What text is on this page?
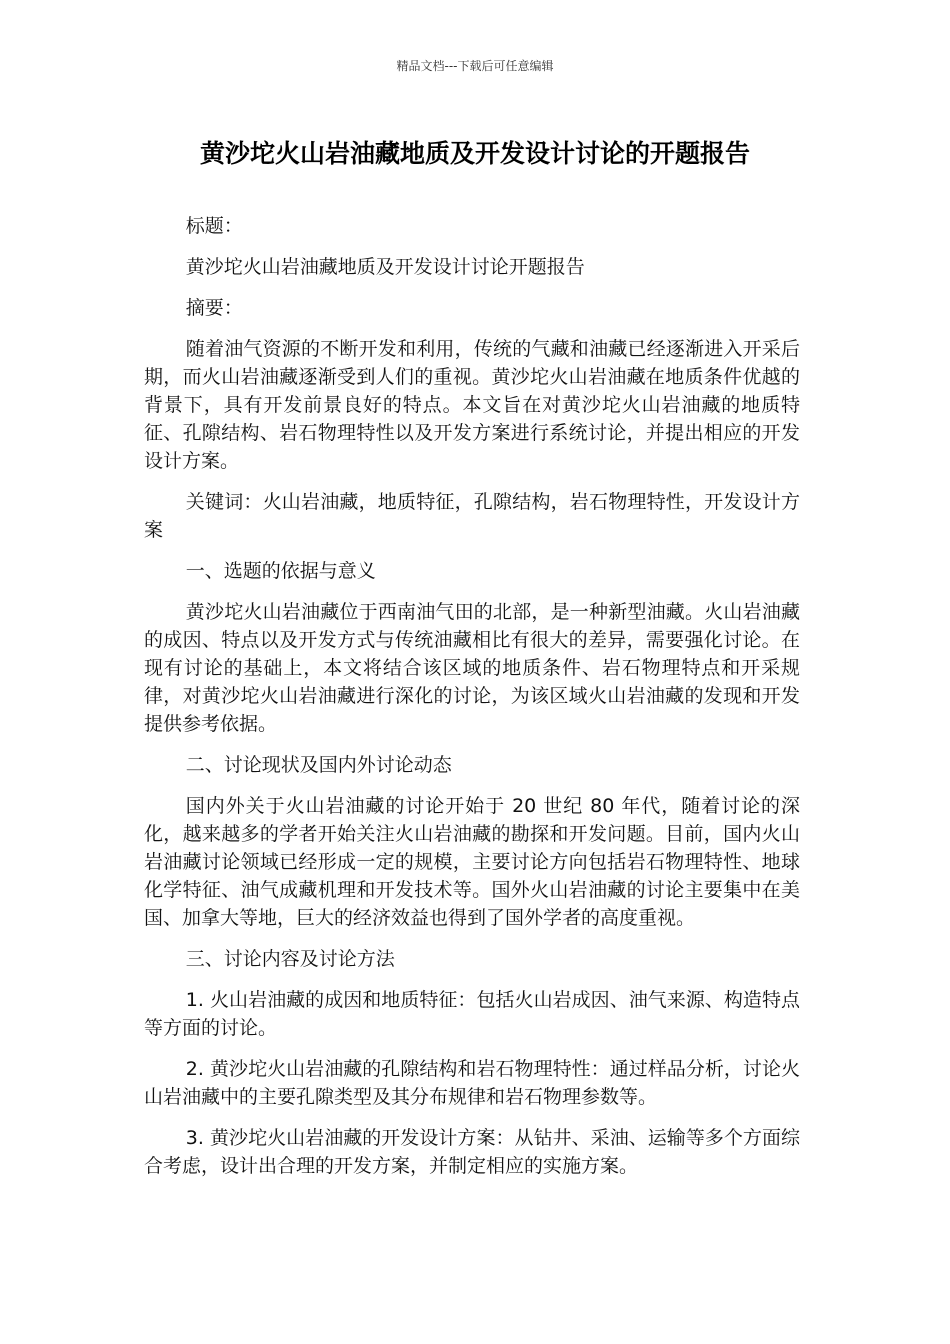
精品文档---下载后可任意编辑
黄沙坨火山岩油藏地质及开发设计讨论的开题报告

标题：

黄沙坨火山岩油藏地质及开发设计讨论开题报告

摘要：

随着油气资源的不断开发和利用，传统的气藏和油藏已经逐渐进入开采后期，而火山岩油藏逐渐受到人们的重视。黄沙坨火山岩油藏在地质条件优越的背景下，具有开发前景良好的特点。本文旨在对黄沙坨火山岩油藏的地质特征、孔隙结构、岩石物理特性以及开发方案进行系统讨论，并提出相应的开发设计方案。

关键词：火山岩油藏，地质特征，孔隙结构，岩石物理特性，开发设计方案

一、选题的依据与意义

黄沙坨火山岩油藏位于西南油气田的北部，是一种新型油藏。火山岩油藏的成因、特点以及开发方式与传统油藏相比有很大的差异，需要强化讨论。在现有讨论的基础上，本文将结合该区域的地质条件、岩石物理特点和开采规律，对黄沙坨火山岩油藏进行深化的讨论，为该区域火山岩油藏的发现和开发提供参考依据。

二、讨论现状及国内外讨论动态

国内外关于火山岩油藏的讨论开始于 20 世纪 80 年代，随着讨论的深化，越来越多的学者开始关注火山岩油藏的勘探和开发问题。目前，国内火山岩油藏讨论领域已经形成一定的规模，主要讨论方向包括岩石物理特性、地球化学特征、油气成藏机理和开发技术等。国外火山岩油藏的讨论主要集中在美国、加拿大等地，巨大的经济效益也得到了国外学者的高度重视。

三、讨论内容及讨论方法

1. 火山岩油藏的成因和地质特征：包括火山岩成因、油气来源、构造特点等方面的讨论。

2. 黄沙坨火山岩油藏的孔隙结构和岩石物理特性：通过样品分析，讨论火山岩油藏中的主要孔隙类型及其分布规律和岩石物理参数等。

3. 黄沙坨火山岩油藏的开发设计方案：从钻井、采油、运输等多个方面综合考虑，设计出合理的开发方案，并制定相应的实施方案。
